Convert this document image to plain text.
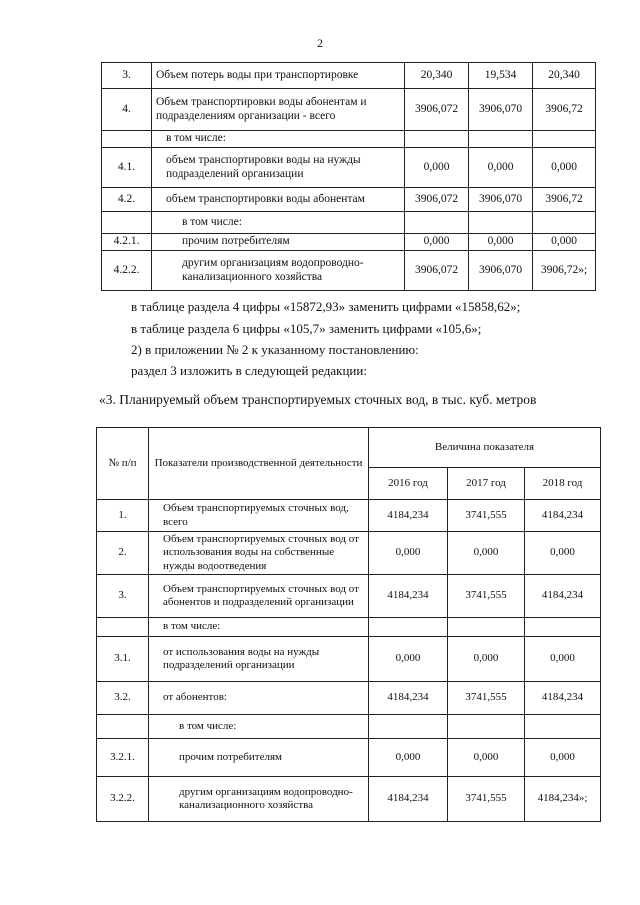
2
3.	Объем потерь воды при транспортировке	20,340	19,534	20,340
4.	Объем транспортировки воды абонентам и подразделениям организации - всего	3906,072	3906,070	3906,72
	в том числе:			
4.1.	объем транспортировки воды на нужды подразделений организации	0,000	0,000	0,000
4.2.	объем транспортировки воды абонентам	3906,072	3906,070	3906,72
	в том числе:			
4.2.1.	прочим потребителям	0,000	0,000	0,000
4.2.2.	другим организациям водопроводно-канализационного хозяйства	3906,072	3906,070	3906,72»;
в таблице раздела 4 цифры «15872,93» заменить цифрами «15858,62»;
в таблице раздела 6 цифры «105,7» заменить цифрами «105,6»;
2) в приложении № 2 к указанному постановлению:
раздел 3 изложить в следующей редакции:
«3. Планируемый объем транспортируемых сточных вод, в тыс. куб. метров
№ п/п	Показатели производственной деятельности	Величина показателя		
		2016 год	2017 год	2018 год
1.	Объем транспортируемых сточных вод, всего	4184,234	3741,555	4184,234
2.	Объем транспортируемых сточных вод от использования воды на собственные нужды водоотведения	0,000	0,000	0,000
3.	Объем транспортируемых сточных вод от абонентов и подразделений организации	4184,234	3741,555	4184,234
	в том числе:			
3.1.	от использования воды на нужды подразделений организации	0,000	0,000	0,000
3.2.	от абонентов:	4184,234	3741,555	4184,234
	в том числе:			
3.2.1.	прочим потребителям	0,000	0,000	0,000
3.2.2.	другим организациям водопроводно-канализационного хозяйства	4184,234	3741,555	4184,234»;
